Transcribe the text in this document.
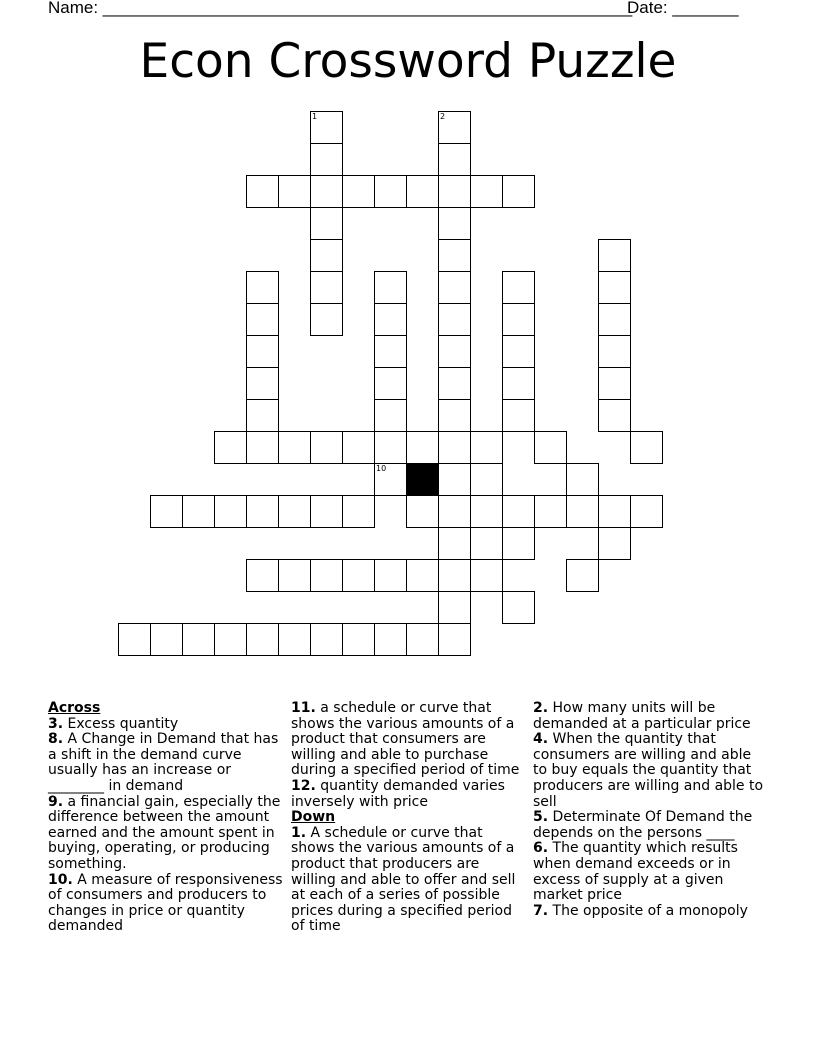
Name: ________________________________________________________
Date: _______
Econ Crossword Puzzle
1	2
10
Across
3. Excess quantity
8. A Change in Demand that has a shift in the demand curve usually has an increase or ________ in demand
9. a financial gain, especially the difference between the amount earned and the amount spent in buying, operating, or producing something.
10. A measure of responsiveness of consumers and producers to changes in price or quantity demanded
11. a schedule or curve that shows the various amounts of a product that consumers are willing and able to purchase during a specified period of time
12. quantity demanded varies inversely with price
Down
1. A schedule or curve that shows the various amounts of a product that producers are willing and able to offer and sell at each of a series of possible prices during a specified period of time
2. How many units will be demanded at a particular price
4. When the quantity that consumers are willing and able to buy equals the quantity that producers are willing and able to sell
5. Determinate Of Demand the depends on the persons ____
6. The quantity which results when demand exceeds or in excess of supply at a given market price
7. The opposite of a monopoly
